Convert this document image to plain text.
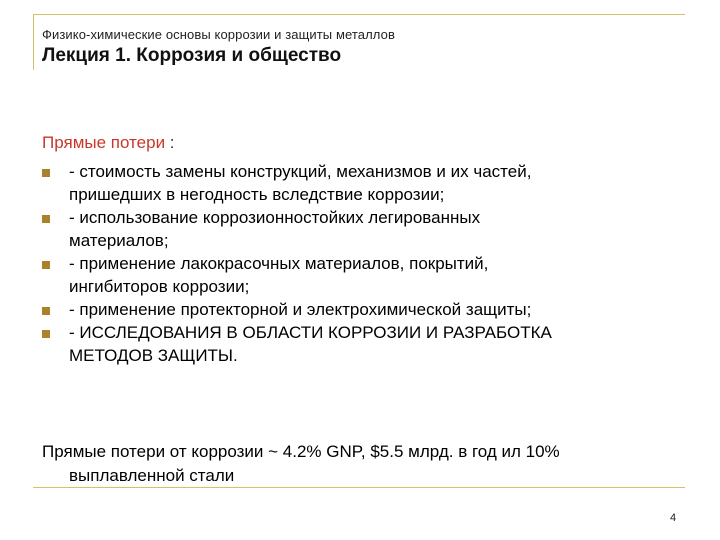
Физико-химические основы коррозии и защиты металлов
Лекция 1. Коррозия и общество
Прямые потери :
- стоимость замены конструкций, механизмов и их частей,
пришедших в негодность вследствие коррозии;
- использование коррозионностойких легированных
материалов;
- применение лакокрасочных материалов, покрытий,
ингибиторов коррозии;
- применение протекторной и электрохимической защиты;
- ИССЛЕДОВАНИЯ В ОБЛАСТИ КОРРОЗИИ И РАЗРАБОТКА
МЕТОДОВ ЗАЩИТЫ.
Прямые потери от коррозии ~ 4.2% GNP, $5.5 млрд. в год ил 10%
выплавленной стали
4
